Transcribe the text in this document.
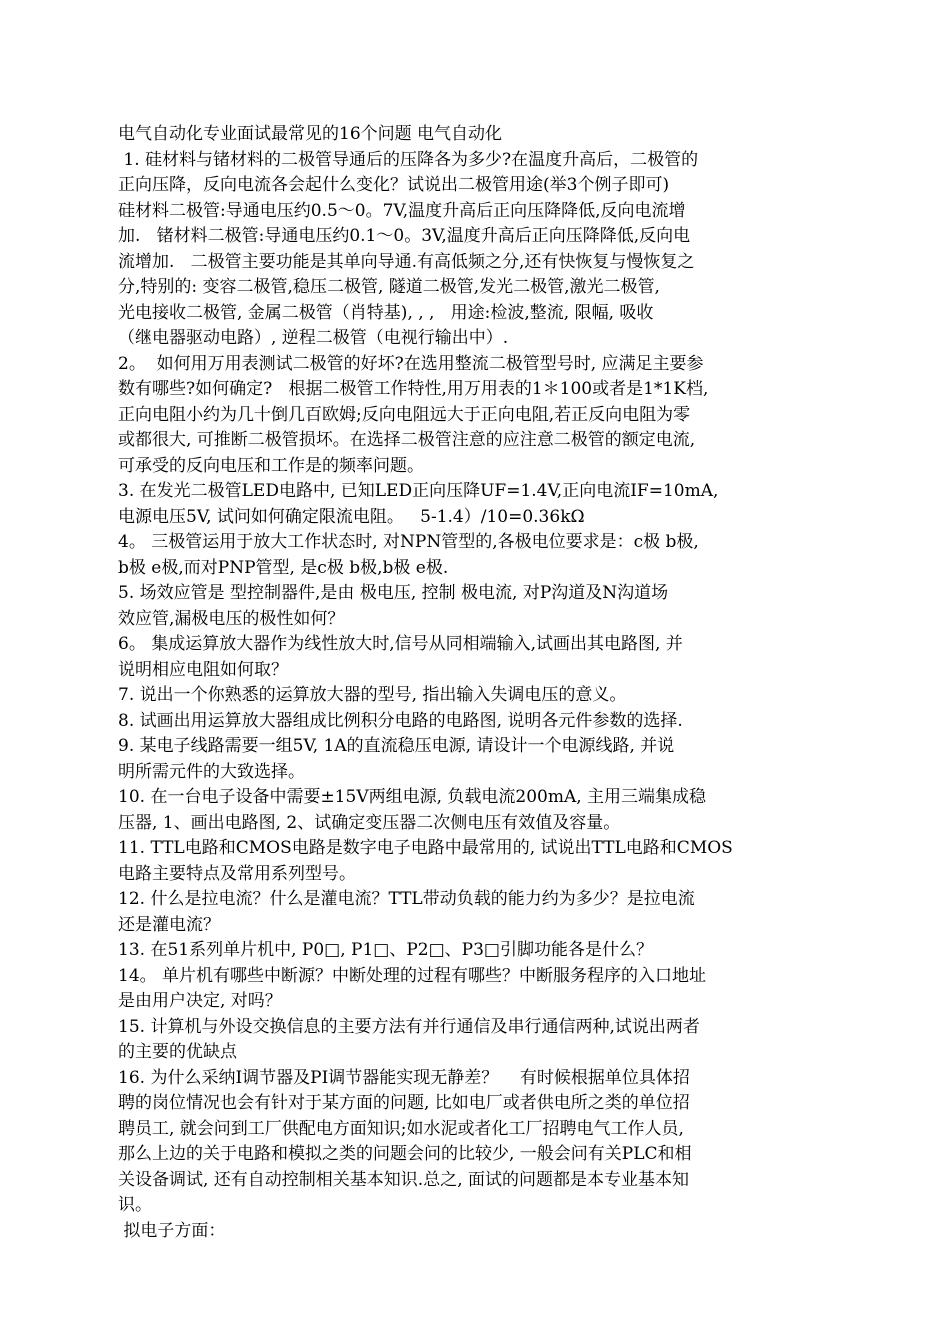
电气自动化专业面试最常见的16个问题 电气自动化
1. 硅材料与锗材料的二极管导通后的压降各为多少?在温度升高后，二极管的
正向压降，反向电流各会起什么变化？试说出二极管用途(举3个例子即可)
硅材料二极管:导通电压约0.5～0。7V,温度升高后正向压降降低,反向电流增
加.   锗材料二极管:导通电压约0.1～0。3V,温度升高后正向压降降低,反向电
流增加.   二极管主要功能是其单向导通.有高低频之分,还有快恢复与慢恢复之
分,特别的: 变容二极管,稳压二极管, 隧道二极管,发光二极管,激光二极管,
光电接收二极管, 金属二极管（肖特基), , ,   用途:检波,整流, 限幅, 吸收
（继电器驱动电路）, 逆程二极管（电视行输出中）.
2。  如何用万用表测试二极管的好坏?在选用整流二极管型号时, 应满足主要参
数有哪些?如何确定?   根据二极管工作特性,用万用表的1＊100或者是1*1K档,
正向电阻小约为几十倒几百欧姆;反向电阻远大于正向电阻,若正反向电阻为零
或都很大, 可推断二极管损坏。在选择二极管注意的应注意二极管的额定电流,
可承受的反向电压和工作是的频率问题。
3. 在发光二极管LED电路中, 已知LED正向压降UF=1.4V,正向电流IF=10mA,
电源电压5V, 试问如何确定限流电阻。   5-1.4）/10=0.36kΩ
4。 三极管运用于放大工作状态时, 对NPN管型的,各极电位要求是：c极 b极,
b极 e极,而对PNP管型, 是c极 b极,b极 e极.
5. 场效应管是 型控制器件,是由 极电压, 控制 极电流, 对P沟道及N沟道场
效应管,漏极电压的极性如何？
6。 集成运算放大器作为线性放大时,信号从同相端输入,试画出其电路图, 并
说明相应电阻如何取？
7. 说出一个你熟悉的运算放大器的型号, 指出输入失调电压的意义。
8. 试画出用运算放大器组成比例积分电路的电路图, 说明各元件参数的选择.
9. 某电子线路需要一组5V, 1A的直流稳压电源, 请设计一个电源线路, 并说
明所需元件的大致选择。
10. 在一台电子设备中需要±15V两组电源, 负载电流200mA, 主用三端集成稳
压器, 1、画出电路图, 2、试确定变压器二次侧电压有效值及容量。
11. TTL电路和CMOS电路是数字电子电路中最常用的, 试说出TTL电路和CMOS
电路主要特点及常用系列型号。
12. 什么是拉电流？什么是灌电流？TTL带动负载的能力约为多少？是拉电流
还是灌电流？
13. 在51系列单片机中, P0□, P1□、P2□、P3□引脚功能各是什么？
14。 单片机有哪些中断源？中断处理的过程有哪些？中断服务程序的入口地址
是由用户决定, 对吗？
15. 计算机与外设交换信息的主要方法有并行通信及串行通信两种,试说出两者
的主要的优缺点
16. 为什么采纳I调节器及PI调节器能实现无静差？    有时候根据单位具体招
聘的岗位情况也会有针对于某方面的问题, 比如电厂或者供电所之类的单位招
聘员工, 就会问到工厂供配电方面知识;如水泥或者化工厂招聘电气工作人员,
那么上边的关于电路和模拟之类的问题会问的比较少, 一般会问有关PLC和相
关设备调试, 还有自动控制相关基本知识.总之, 面试的问题都是本专业基本知
识。
拟电子方面：
